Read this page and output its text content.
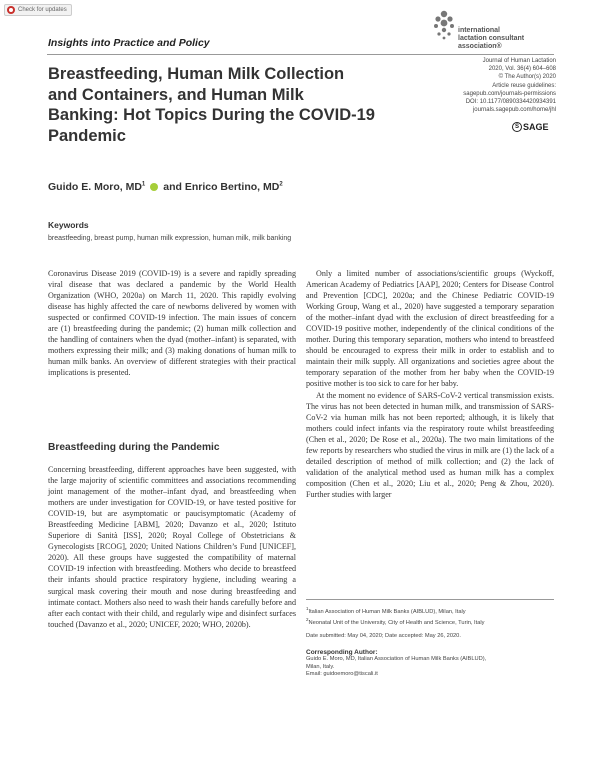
Check for updates
international
lactation consultant
association®
Insights into Practice and Policy
Breastfeeding, Human Milk Collection and Containers, and Human Milk Banking: Hot Topics During the COVID-19 Pandemic
Journal of Human Lactation
2020, Vol. 36(4) 604–608
© The Author(s) 2020
Article reuse guidelines:
sagepub.com/journals-permissions
DOI: 10.1177/0890334420934391
journals.sagepub.com/home/jhl
S SAGE
Guido E. Moro, $MD^1$ and Enrico Bertino, $MD^2$
Keywords
breastfeeding, breast pump, human milk expression, human milk, milk banking

Coronavirus Disease 2019 (COVID-19) is a severe and rapidly spreading viral disease that was declared a pandemic by the World Health Organization (WHO, 2020a) on March 11, 2020. This rapidly evolving disease has highly affected the care of newborns delivered by women with suspected or confirmed COVID-19 infection. The main issues of concern are (1) breastfeeding during the pandemic; (2) human milk collection and the handling of containers when the dyad (mother–infant) is separated, with mothers expressing their milk; and (3) making donations of human milk to human milk banks. An overview of different strategies with their practical implications is presented.

Breastfeeding during the Pandemic

Concerning breastfeeding, different approaches have been suggested, with the large majority of scientific committees and associations recommending joint management of the mother–infant dyad, and breastfeeding when mothers are under investigation for COVID-19, or have tested positive for COVID-19, but are asymptomatic or paucisymptomatic (Academy of Breastfeeding Medicine [ABM], 2020; Davanzo et al., 2020; Istituto Superiore di Sanità [ISS], 2020; Royal College of Obstetricians & Gynecologists [RCOG], 2020; United Nations Children’s Fund [UNICEF], 2020). All these groups have suggested the compatibility of maternal COVID-19 infection with breastfeeding. Mothers who decide to breastfeed their infants should practice respiratory hygiene, including wearing a surgical mask covering their mouth and nose during breastfeeding and intimate contact. Mothers also need to wash their hands carefully before and after each contact with their child, and regularly wipe and disinfect surfaces touched (Davanzo et al., 2020; UNICEF, 2020; WHO, 2020b).

Only a limited number of associations/scientific groups (Wyckoff, American Academy of Pediatrics [AAP], 2020; Centers for Disease Control and Prevention [CDC], 2020a; and the Chinese Pediatric COVID-19 Working Group, Wang et al., 2020) have suggested a temporary separation of the mother–infant dyad with the exclusion of direct breastfeeding for a COVID-19 positive mother, independently of the clinical conditions of the mother. During this temporary separation, mothers who intend to breastfeed should be encouraged to express their milk in order to establish and to maintain their milk supply. All organizations and societies agree about the temporary separation of the mother from her baby when the COVID-19 positive mother is too sick to care for her baby.

At the moment no evidence of SARS-CoV-2 vertical transmission exists. The virus has not been detected in human milk, and transmission of SARS-CoV-2 via human milk has not been reported; although, it is likely that mothers could infect infants via the respiratory route whilst breastfeeding (Chen et al., 2020; De Rose et al., 2020a). The two main limitations of the few reports by researchers who studied the virus in milk are (1) the lack of a detailed description of method of milk collection; and (2) the lack of validation of the analytical method used as human milk has a complex composition (Chen et al., 2020; Liu et al., 2020; Peng & Zhou, 2020). Further studies with larger

$^1$Italian Association of Human Milk Banks (AIBLUD), Milan, Italy
$^2$Neonatal Unit of the University, City of Health and Science, Turin, Italy
Date submitted: May 04, 2020; Date accepted: May 26, 2020.
Corresponding Author:
Guido E. Moro, MD, Italian Association of Human Milk Banks (AIBLUD),
Milan, Italy.
Email: guidoemoro@tiscali.it
